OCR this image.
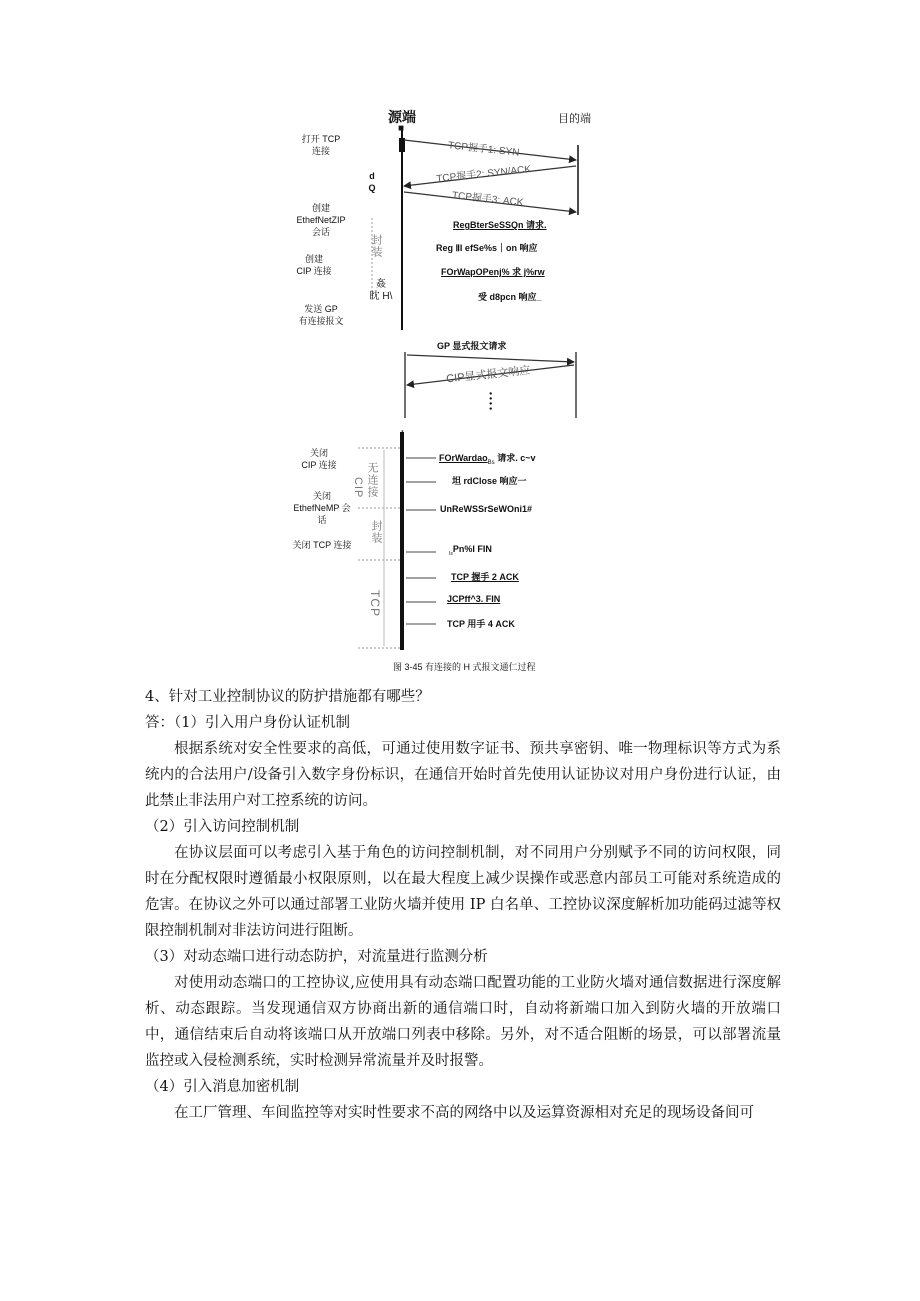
源端
■
目的端
打开 TCP
连接
d
Q
创建
EthefNetZIP
会话
创建
CIP 连接
姦
眈 H\
发送 GP
有连接报文
关闭
CIP 连接
关闭
EthefNeMP 会
话
关闭 TCP 连接
封装
CIP 无连接
封装
TCP
TCP握手1: SYN
TCP握手2: SYN/ACK
TCP握手3: ACK
RegBterSeSSQn 请求.
Reg ⅡI efSe%s｜on 响应
FOrWapOPenj% 求 j%rw
受 d8pcn 响应_
GP 显式报文请求
CIP显式报文响应
• • • •
• • •
FOrWardao$_{Bs}$ 请求. c~v
坦 rdClose 响应一
UnReWSSrSeWOni1#
$_{Is}$Pn%I FIN
TCP 握手 2 ACK
JCPff^3. FIN
TCP 用手 4 ACK
图 3-45 有连接的 H 式报文通仁过程
4、针对工业控制协议的防护措施都有哪些？
答：（1）引入用户身份认证机制

根据系统对安全性要求的高低，可通过使用数字证书、预共享密钥、唯一物理标识等方式为系统内的合法用户/设备引入数字身份标识，在通信开始时首先使用认证协议对用户身份进行认证，由此禁止非法用户对工控系统的访问。

（2）引入访问控制机制

在协议层面可以考虑引入基于角色的访问控制机制，对不同用户分别赋予不同的访问权限，同时在分配权限时遵循最小权限原则，以在最大程度上减少误操作或恶意内部员工可能对系统造成的危害。在协议之外可以通过部署工业防火墙并使用 IP 白名单、工控协议深度解析加功能码过滤等权限控制机制对非法访问进行阻断。

（3）对动态端口进行动态防护，对流量进行监测分析

对使用动态端口的工控协议,应使用具有动态端口配置功能的工业防火墙对通信数据进行深度解析、动态跟踪。当发现通信双方协商出新的通信端口时，自动将新端口加入到防火墙的开放端口中，通信结束后自动将该端口从开放端口列表中移除。另外，对不适合阻断的场景，可以部署流量监控或入侵检测系统，实时检测异常流量并及时报警。

（4）引入消息加密机制

在工厂管理、车间监控等对实时性要求不高的网络中以及运算资源相对充足的现场设备间可
